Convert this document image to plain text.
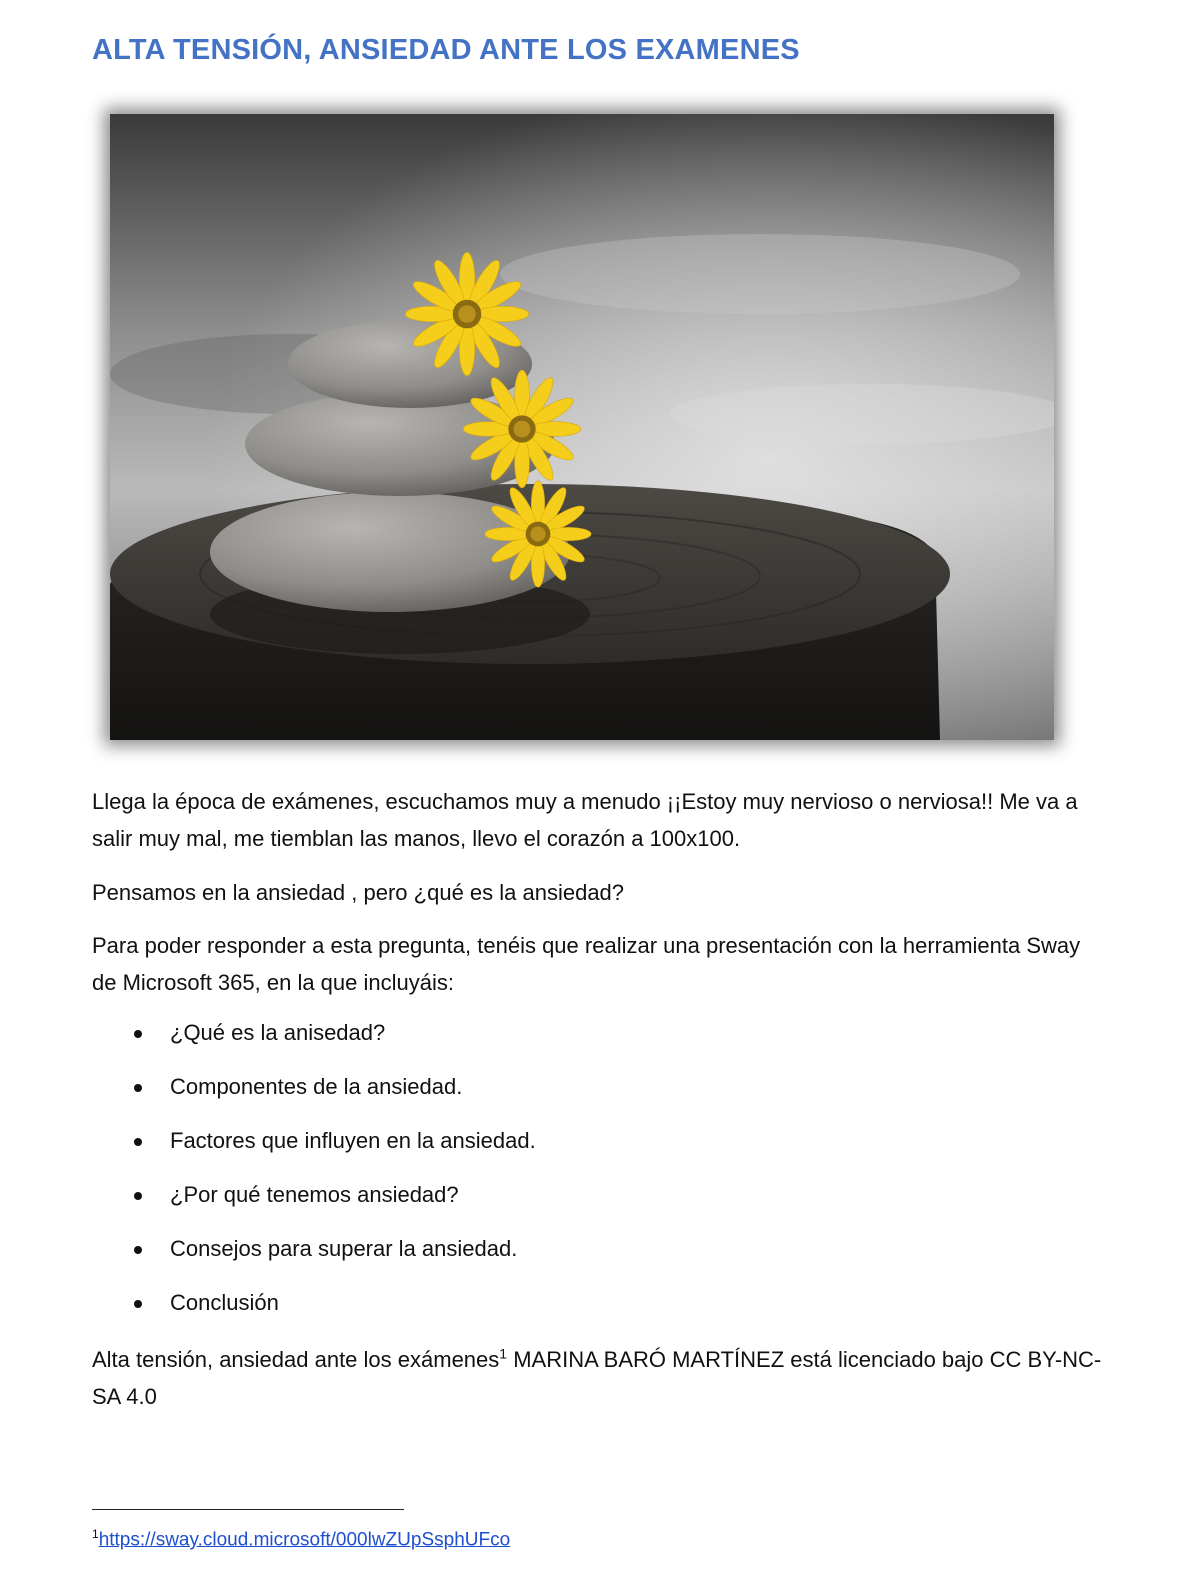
ALTA TENSIÓN, ANSIEDAD ANTE LOS EXAMENES

Llega la época de exámenes, escuchamos muy a menudo ¡¡Estoy muy nervioso o nerviosa!! Me va a salir muy mal, me tiemblan las manos, llevo el corazón a 100x100.

Pensamos en la ansiedad , pero ¿qué es la ansiedad?

Para poder responder a esta pregunta, tenéis que realizar una presentación con la herramienta Sway de Microsoft 365, en la que incluyáis:

¿Qué es la anisedad?
Componentes de la ansiedad.
Factores que influyen en la ansiedad.
¿Por qué tenemos ansiedad?
Consejos para superar la ansiedad.
Conclusión

Alta tensión, ansiedad ante los exámenes$^1$ MARINA BARÓ MARTÍNEZ está licenciado bajo CC BY-NC-SA 4.0

$^1$https://sway.cloud.microsoft/000lwZUpSsphUFco
